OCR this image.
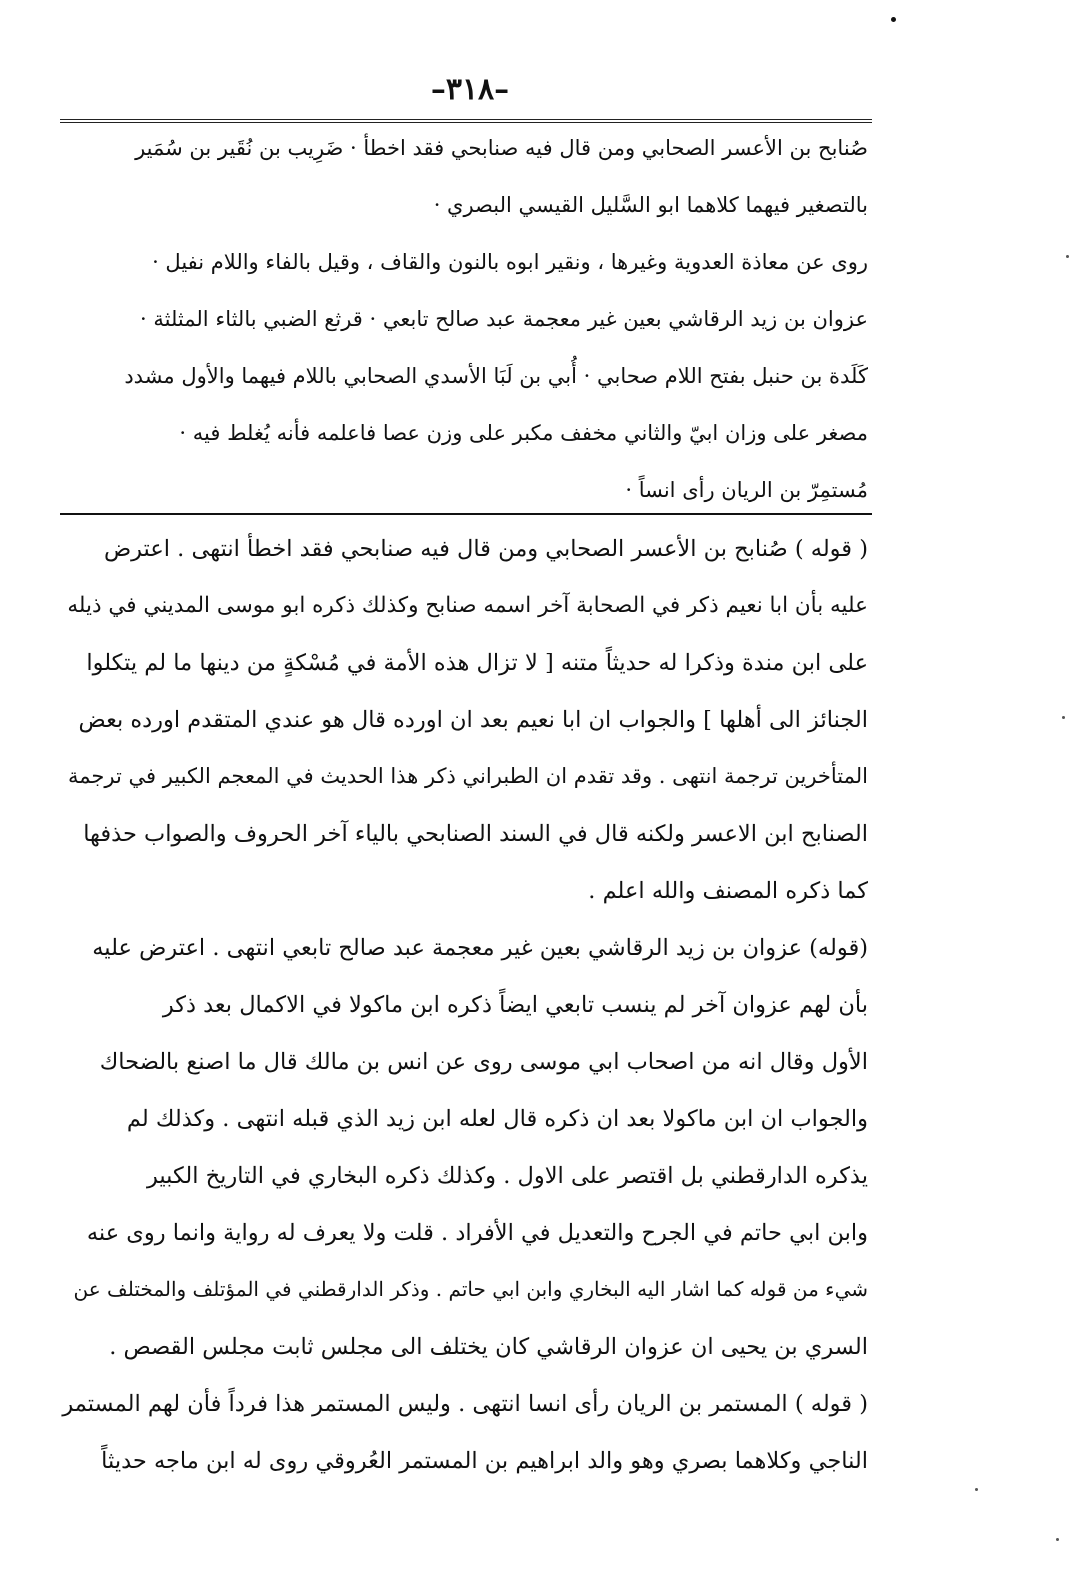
–٣١٨–
صُنابح بن الأعسر الصحابي ومن قال فيه صنابحي فقد اخطأ · ضَرِيب بن نُقَير بن سُمَير
بالتصغير فيهما كلاهما ابو السَّليل القيسي البصري ·
روى عن معاذة العدوية وغيرها ، ونقير ابوه بالنون والقاف ، وقيل بالفاء واللام نفيل ·
عزوان بن زيد الرقاشي بعين غير معجمة عبد صالح تابعي · قرثع الضبي بالثاء المثلثة ·
كَلَدة بن حنبل بفتح اللام صحابي · أُبي بن لَبَا الأسدي الصحابي باللام فيهما والأول مشدد
مصغر على وزان ابيّ والثاني مخفف مكبر على وزن عصا فاعلمه فأنه يُغلط فيه ·
مُستمِرّ بن الريان رأى انساً ·
( قوله ) صُنابح بن الأعسر الصحابي ومن قال فيه صنابحي فقد اخطأ انتهى . اعترض
عليه بأن ابا نعيم ذكر في الصحابة آخر اسمه صنابح وكذلك ذكره ابو موسى المديني في ذيله
على ابن مندة وذكرا له حديثاً متنه [ لا تزال هذه الأمة في مُسْكةٍ من دينها ما لم يتكلوا
الجنائز الى أهلها ] والجواب ان ابا نعيم بعد ان اورده قال هو عندي المتقدم اورده بعض
المتأخرين ترجمة انتهى . وقد تقدم ان الطبراني ذكر هذا الحديث في المعجم الكبير في ترجمة
الصنابح ابن الاعسر ولكنه قال في السند الصنابحي بالياء آخر الحروف والصواب حذفها
كما ذكره المصنف والله اعلم .
(قوله) عزوان بن زيد الرقاشي بعين غير معجمة عبد صالح تابعي انتهى . اعترض عليه
بأن لهم عزوان آخر لم ينسب تابعي ايضاً ذكره ابن ماكولا في الاكمال بعد ذكر
الأول وقال انه من اصحاب ابي موسى روى عن انس بن مالك قال ما اصنع بالضحاك
والجواب ان ابن ماكولا بعد ان ذكره قال لعله ابن زيد الذي قبله انتهى . وكذلك لم
يذكره الدارقطني بل اقتصر على الاول . وكذلك ذكره البخاري في التاريخ الكبير
وابن ابي حاتم في الجرح والتعديل في الأفراد . قلت ولا يعرف له رواية وانما روى عنه
شيء من قوله كما اشار اليه البخاري وابن ابي حاتم . وذكر الدارقطني في المؤتلف والمختلف عن
السري بن يحيى ان عزوان الرقاشي كان يختلف الى مجلس ثابت مجلس القصص .
( قوله ) المستمر بن الريان رأى انسا انتهى . وليس المستمر هذا فرداً فأن لهم المستمر
الناجي وكلاهما بصري وهو والد ابراهيم بن المستمر العُروقي روى له ابن ماجه حديثاً
